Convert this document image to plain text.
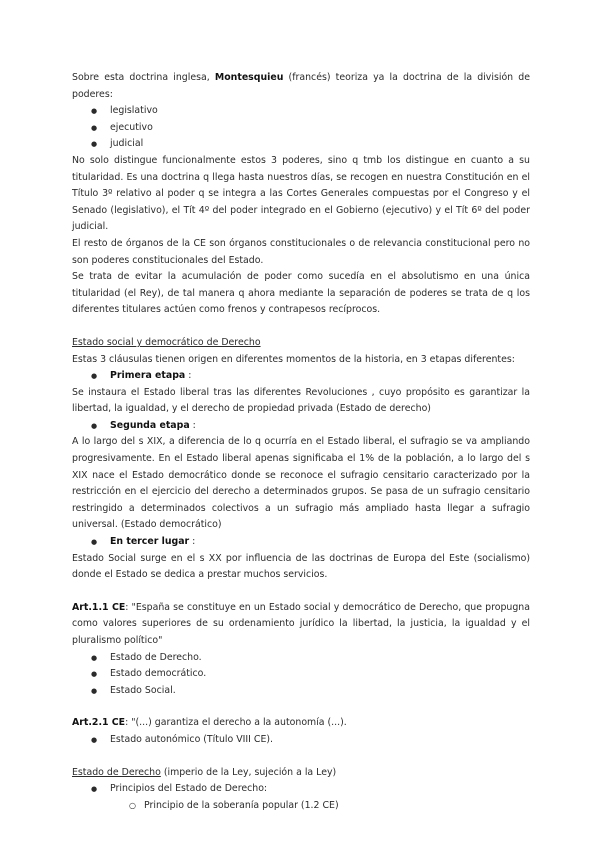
Sobre esta doctrina inglesa, Montesquieu (francés) teoriza ya la doctrina de la división de poderes:

● legislativo
● ejecutivo
● judicial

No solo distingue funcionalmente estos 3 poderes, sino q tmb los distingue en cuanto a su titularidad. Es una doctrina q llega hasta nuestros días, se recogen en nuestra Constitución en el Título 3º relativo al poder q se integra a las Cortes Generales compuestas por el Congreso y el Senado (legislativo), el Tít 4º del poder integrado en el Gobierno (ejecutivo) y el Tít 6º del poder judicial.

El resto de órganos de la CE son órganos constitucionales o de relevancia constitucional pero no son poderes constitucionales del Estado.

Se trata de evitar la acumulación de poder como sucedía en el absolutismo en una única titularidad (el Rey), de tal manera q ahora mediante la separación de poderes se trata de q los diferentes titulares actúen como frenos y contrapesos recíprocos.

Estado social y democrático de Derecho

Estas 3 cláusulas tienen origen en diferentes momentos de la historia, en 3 etapas diferentes:

● Primera etapa :

Se instaura el Estado liberal tras las diferentes Revoluciones , cuyo propósito es garantizar la libertad, la igualdad, y el derecho de propiedad privada (Estado de derecho)

● Segunda etapa :

A lo largo del s XIX, a diferencia de lo q ocurría en el Estado liberal, el sufragio se va ampliando progresivamente. En el Estado liberal apenas significaba el 1% de la población, a lo largo del s XIX nace el Estado democrático donde se reconoce el sufragio censitario caracterizado por la restricción en el ejercicio del derecho a determinados grupos. Se pasa de un sufragio censitario restringido a determinados colectivos a un sufragio más ampliado hasta llegar a sufragio universal. (Estado democrático)

● En tercer lugar :

Estado Social surge en el s XX por influencia de las doctrinas de Europa del Este (socialismo) donde el Estado se dedica a prestar muchos servicios.

Art.1.1 CE: "España se constituye en un Estado social y democrático de Derecho, que propugna como valores superiores de su ordenamiento jurídico la libertad, la justicia, la igualdad y el pluralismo político"

● Estado de Derecho.
● Estado democrático.
● Estado Social.

Art.2.1 CE: "(...) garantiza el derecho a la autonomía (...).

● Estado autonómico (Título VIII CE).

Estado de Derecho (imperio de la Ley, sujeción a la Ley)

● Principios del Estado de Derecho:
○ Principio de la soberanía popular (1.2 CE)
